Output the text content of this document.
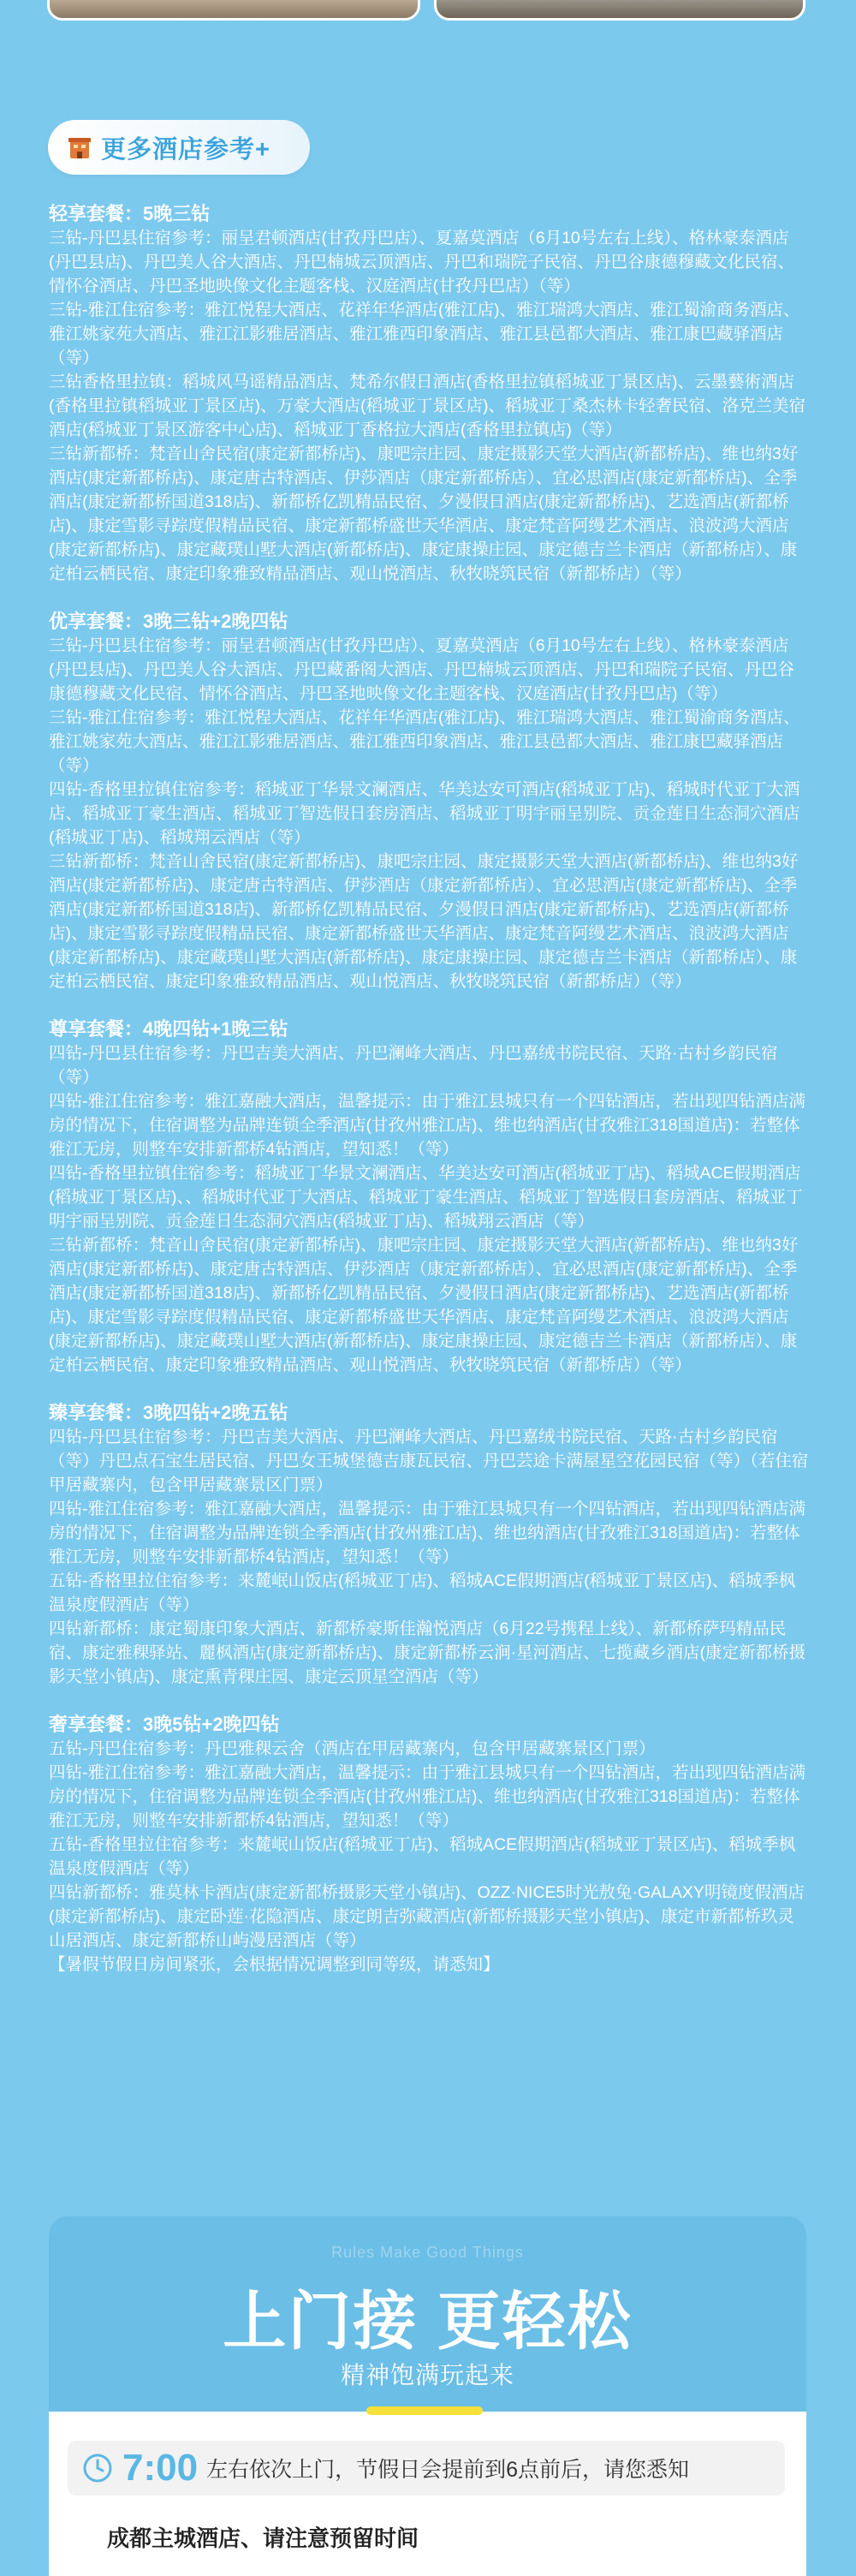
更多酒店参考+
轻享套餐：5晚三钻
三钻-丹巴县住宿参考：丽呈君顿酒店(甘孜丹巴店）、夏嘉莫酒店（6月10号左右上线）、格林豪泰酒店(丹巴县店)、丹巴美人谷大酒店、丹巴楠城云顶酒店、丹巴和瑞院子民宿、丹巴谷康德穆藏文化民宿、情怀谷酒店、丹巴圣地映像文化主题客栈、汉庭酒店(甘孜丹巴店）（等）
三钻-雅江住宿参考：雅江悦程大酒店、花祥年华酒店(雅江店)、雅江瑞鸿大酒店、雅江蜀渝商务酒店、雅江姚家苑大酒店、雅江江影雅居酒店、雅江雅西印象酒店、雅江县邑都大酒店、雅江康巴藏驿酒店（等）
三钻香格里拉镇：稻城风马谣精品酒店、梵希尔假日酒店(香格里拉镇稻城亚丁景区店)、云墨藝術酒店(香格里拉镇稻城亚丁景区店)、万豪大酒店(稻城亚丁景区店)、稻城亚丁桑杰林卡轻奢民宿、洛克兰美宿酒店(稻城亚丁景区游客中心店)、稻城亚丁香格拉大酒店(香格里拉镇店)（等）
三钻新都桥：梵音山舍民宿(康定新都桥店)、康吧宗庄园、康定摄影天堂大酒店(新都桥店)、维也纳3好酒店(康定新都桥店)、康定唐古特酒店、伊莎酒店（康定新都桥店）、宜必思酒店(康定新都桥店)、全季酒店(康定新都桥国道318店)、新都桥亿凯精品民宿、夕漫假日酒店(康定新都桥店)、艺选酒店(新都桥店)、康定雪影寻踪度假精品民宿、康定新都桥盛世天华酒店、康定梵音阿缦艺术酒店、浪波鸿大酒店(康定新都桥店)、康定藏璞山墅大酒店(新都桥店)、康定康操庄园、康定德吉兰卡酒店（新都桥店）、康定柏云栖民宿、康定印象雅致精品酒店、观山悦酒店、秋牧晓筑民宿（新都桥店）（等）
优享套餐：3晚三钻+2晚四钻
三钻-丹巴县住宿参考：丽呈君顿酒店(甘孜丹巴店）、夏嘉莫酒店（6月10号左右上线）、格林豪泰酒店(丹巴县店)、丹巴美人谷大酒店、丹巴藏番阁大酒店、丹巴楠城云顶酒店、丹巴和瑞院子民宿、丹巴谷康德穆藏文化民宿、情怀谷酒店、丹巴圣地映像文化主题客栈、汉庭酒店(甘孜丹巴店)（等）
三钻-雅江住宿参考：雅江悦程大酒店、花祥年华酒店(雅江店)、雅江瑞鸿大酒店、雅江蜀渝商务酒店、雅江姚家苑大酒店、雅江江影雅居酒店、雅江雅西印象酒店、雅江县邑都大酒店、雅江康巴藏驿酒店（等）
四钻-香格里拉镇住宿参考：稻城亚丁华景文澜酒店、华美达安可酒店(稻城亚丁店)、稻城时代亚丁大酒店、稻城亚丁豪生酒店、稻城亚丁智选假日套房酒店、稻城亚丁明宇丽呈别院、贡金莲日生态洞穴酒店(稻城亚丁店)、稻城翔云酒店（等）
三钻新都桥：梵音山舍民宿(康定新都桥店)、康吧宗庄园、康定摄影天堂大酒店(新都桥店)、维也纳3好酒店(康定新都桥店)、康定唐古特酒店、伊莎酒店（康定新都桥店）、宜必思酒店(康定新都桥店)、全季酒店(康定新都桥国道318店)、新都桥亿凯精品民宿、夕漫假日酒店(康定新都桥店)、艺选酒店(新都桥店)、康定雪影寻踪度假精品民宿、康定新都桥盛世天华酒店、康定梵音阿缦艺术酒店、浪波鸿大酒店(康定新都桥店)、康定藏璞山墅大酒店(新都桥店)、康定康操庄园、康定德吉兰卡酒店（新都桥店）、康定柏云栖民宿、康定印象雅致精品酒店、观山悦酒店、秋牧晓筑民宿（新都桥店）（等）
尊享套餐：4晚四钻+1晚三钻
四钻-丹巴县住宿参考：丹巴吉美大酒店、丹巴澜峰大酒店、丹巴嘉绒书院民宿、天路·古村乡韵民宿（等）
四钻-雅江住宿参考：雅江嘉融大酒店，温馨提示：由于雅江县城只有一个四钻酒店，若出现四钻酒店满房的情况下，住宿调整为品牌连锁全季酒店(甘孜州雅江店)、维也纳酒店(甘孜雅江318国道店)：若整体雅江无房，则整车安排新都桥4钻酒店，望知悉！（等）
四钻-香格里拉镇住宿参考：稻城亚丁华景文澜酒店、华美达安可酒店(稻城亚丁店)、稻城ACE假期酒店(稻城亚丁景区店)、、稻城时代亚丁大酒店、稻城亚丁豪生酒店、稻城亚丁智选假日套房酒店、稻城亚丁明宇丽呈别院、贡金莲日生态洞穴酒店(稻城亚丁店)、稻城翔云酒店（等）
三钻新都桥：梵音山舍民宿(康定新都桥店)、康吧宗庄园、康定摄影天堂大酒店(新都桥店)、维也纳3好酒店(康定新都桥店)、康定唐古特酒店、伊莎酒店（康定新都桥店）、宜必思酒店(康定新都桥店)、全季酒店(康定新都桥国道318店)、新都桥亿凯精品民宿、夕漫假日酒店(康定新都桥店)、艺选酒店(新都桥店)、康定雪影寻踪度假精品民宿、康定新都桥盛世天华酒店、康定梵音阿缦艺术酒店、浪波鸿大酒店(康定新都桥店)、康定藏璞山墅大酒店(新都桥店)、康定康操庄园、康定德吉兰卡酒店（新都桥店）、康定柏云栖民宿、康定印象雅致精品酒店、观山悦酒店、秋牧晓筑民宿（新都桥店）（等）
臻享套餐：3晚四钻+2晚五钻
四钻-丹巴县住宿参考：丹巴吉美大酒店、丹巴澜峰大酒店、丹巴嘉绒书院民宿、天路·古村乡韵民宿（等）丹巴点石宝生居民宿、丹巴女王城堡德吉康瓦民宿、丹巴芸途卡满屋星空花园民宿（等）（若住宿甲居藏寨内，包含甲居藏寨景区门票）
四钻-雅江住宿参考：雅江嘉融大酒店，温馨提示：由于雅江县城只有一个四钻酒店，若出现四钻酒店满房的情况下，住宿调整为品牌连锁全季酒店(甘孜州雅江店)、维也纳酒店(甘孜雅江318国道店)：若整体雅江无房，则整车安排新都桥4钻酒店，望知悉！（等）
五钻-香格里拉住宿参考：来麓岷山饭店(稻城亚丁店)、稻城ACE假期酒店(稻城亚丁景区店)、稻城季枫温泉度假酒店（等）
四钻新都桥：康定蜀康印象大酒店、新都桥豪斯佳瀚悦酒店（6月22号携程上线）、新都桥萨玛精品民宿、康定雅稞驿站、麗枫酒店(康定新都桥店)、康定新都桥云涧·星河酒店、七揽藏乡酒店(康定新都桥摄影天堂小镇店)、康定熏青稞庄园、康定云顶星空酒店（等）
奢享套餐：3晚5钻+2晚四钻
五钻-丹巴住宿参考：丹巴雅稞云舍（酒店在甲居藏寨内，包含甲居藏寨景区门票）
四钻-雅江住宿参考：雅江嘉融大酒店，温馨提示：由于雅江县城只有一个四钻酒店，若出现四钻酒店满房的情况下，住宿调整为品牌连锁全季酒店(甘孜州雅江店)、维也纳酒店(甘孜雅江318国道店)：若整体雅江无房，则整车安排新都桥4钻酒店，望知悉！（等）
五钻-香格里拉住宿参考：来麓岷山饭店(稻城亚丁店)、稻城ACE假期酒店(稻城亚丁景区店)、稻城季枫温泉度假酒店（等）
四钻新都桥：雅莫林卡酒店(康定新都桥摄影天堂小镇店)、OZZ·NICE5时光敖兔·GALAXY明镜度假酒店(康定新都桥店)、康定卧莲·花隐酒店、康定朗吉弥藏酒店(新都桥摄影天堂小镇店)、康定市新都桥玖灵山居酒店、康定新都桥山屿漫居酒店（等）
【暑假节假日房间紧张，会根据情况调整到同等级，请悉知】
Rules Make Good Things
上门接 更轻松
精神饱满玩起来
7:00 左右依次上门，节假日会提前到6点前后，请您悉知
成都主城酒店、请注意预留时间
